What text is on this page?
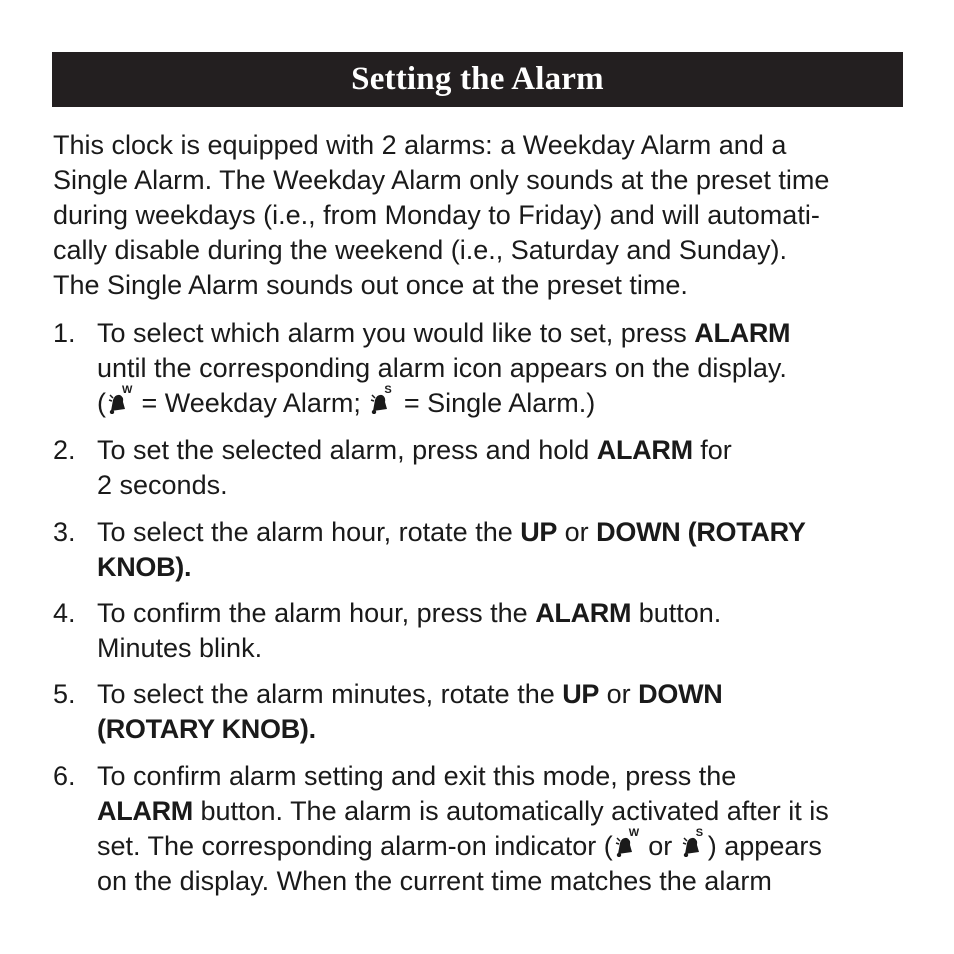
Setting the Alarm

This clock is equipped with 2 alarms: a Weekday Alarm and a
Single Alarm. The Weekday Alarm only sounds at the preset time
during weekdays (i.e., from Monday to Friday) and will automati-
cally disable during the weekend (i.e., Saturday and Sunday).
The Single Alarm sounds out once at the preset time.

1. To select which alarm you would like to set, press ALARM
until the corresponding alarm icon appears on the display.
( W = Weekday Alarm; S = Single Alarm.)
2. To set the selected alarm, press and hold ALARM for
2 seconds.
3. To select the alarm hour, rotate the UP or DOWN (ROTARY
KNOB).
4. To confirm the alarm hour, press the ALARM button.
Minutes blink.
5. To select the alarm minutes, rotate the UP or DOWN
(ROTARY KNOB).
6. To confirm alarm setting and exit this mode, press the
ALARM button. The alarm is automatically activated after it is
set. The corresponding alarm-on indicator ( W or S ) appears
on the display. When the current time matches the alarm
